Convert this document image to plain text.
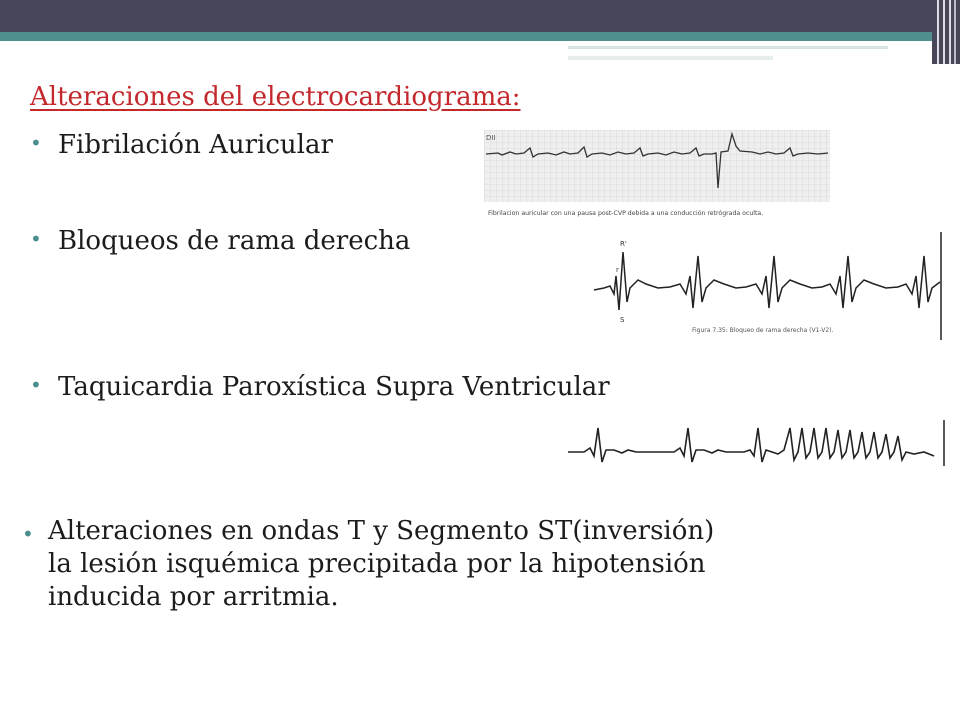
Alteraciones del electrocardiograma:
• Fibrilación Auricular
• Bloqueos de rama derecha
• Taquicardia Paroxística Supra Ventricular
• Alteraciones en ondas T y Segmento ST(inversión)
la lesión isquémica precipitada por la hipotensión
inducida por arritmia.
DII
Fibrilacion auricular con una pausa post-CVP debida a una conducción retrógrada oculta.
R'
r
S
Figura 7.35: Bloqueo de rama derecha (V1-V2).
